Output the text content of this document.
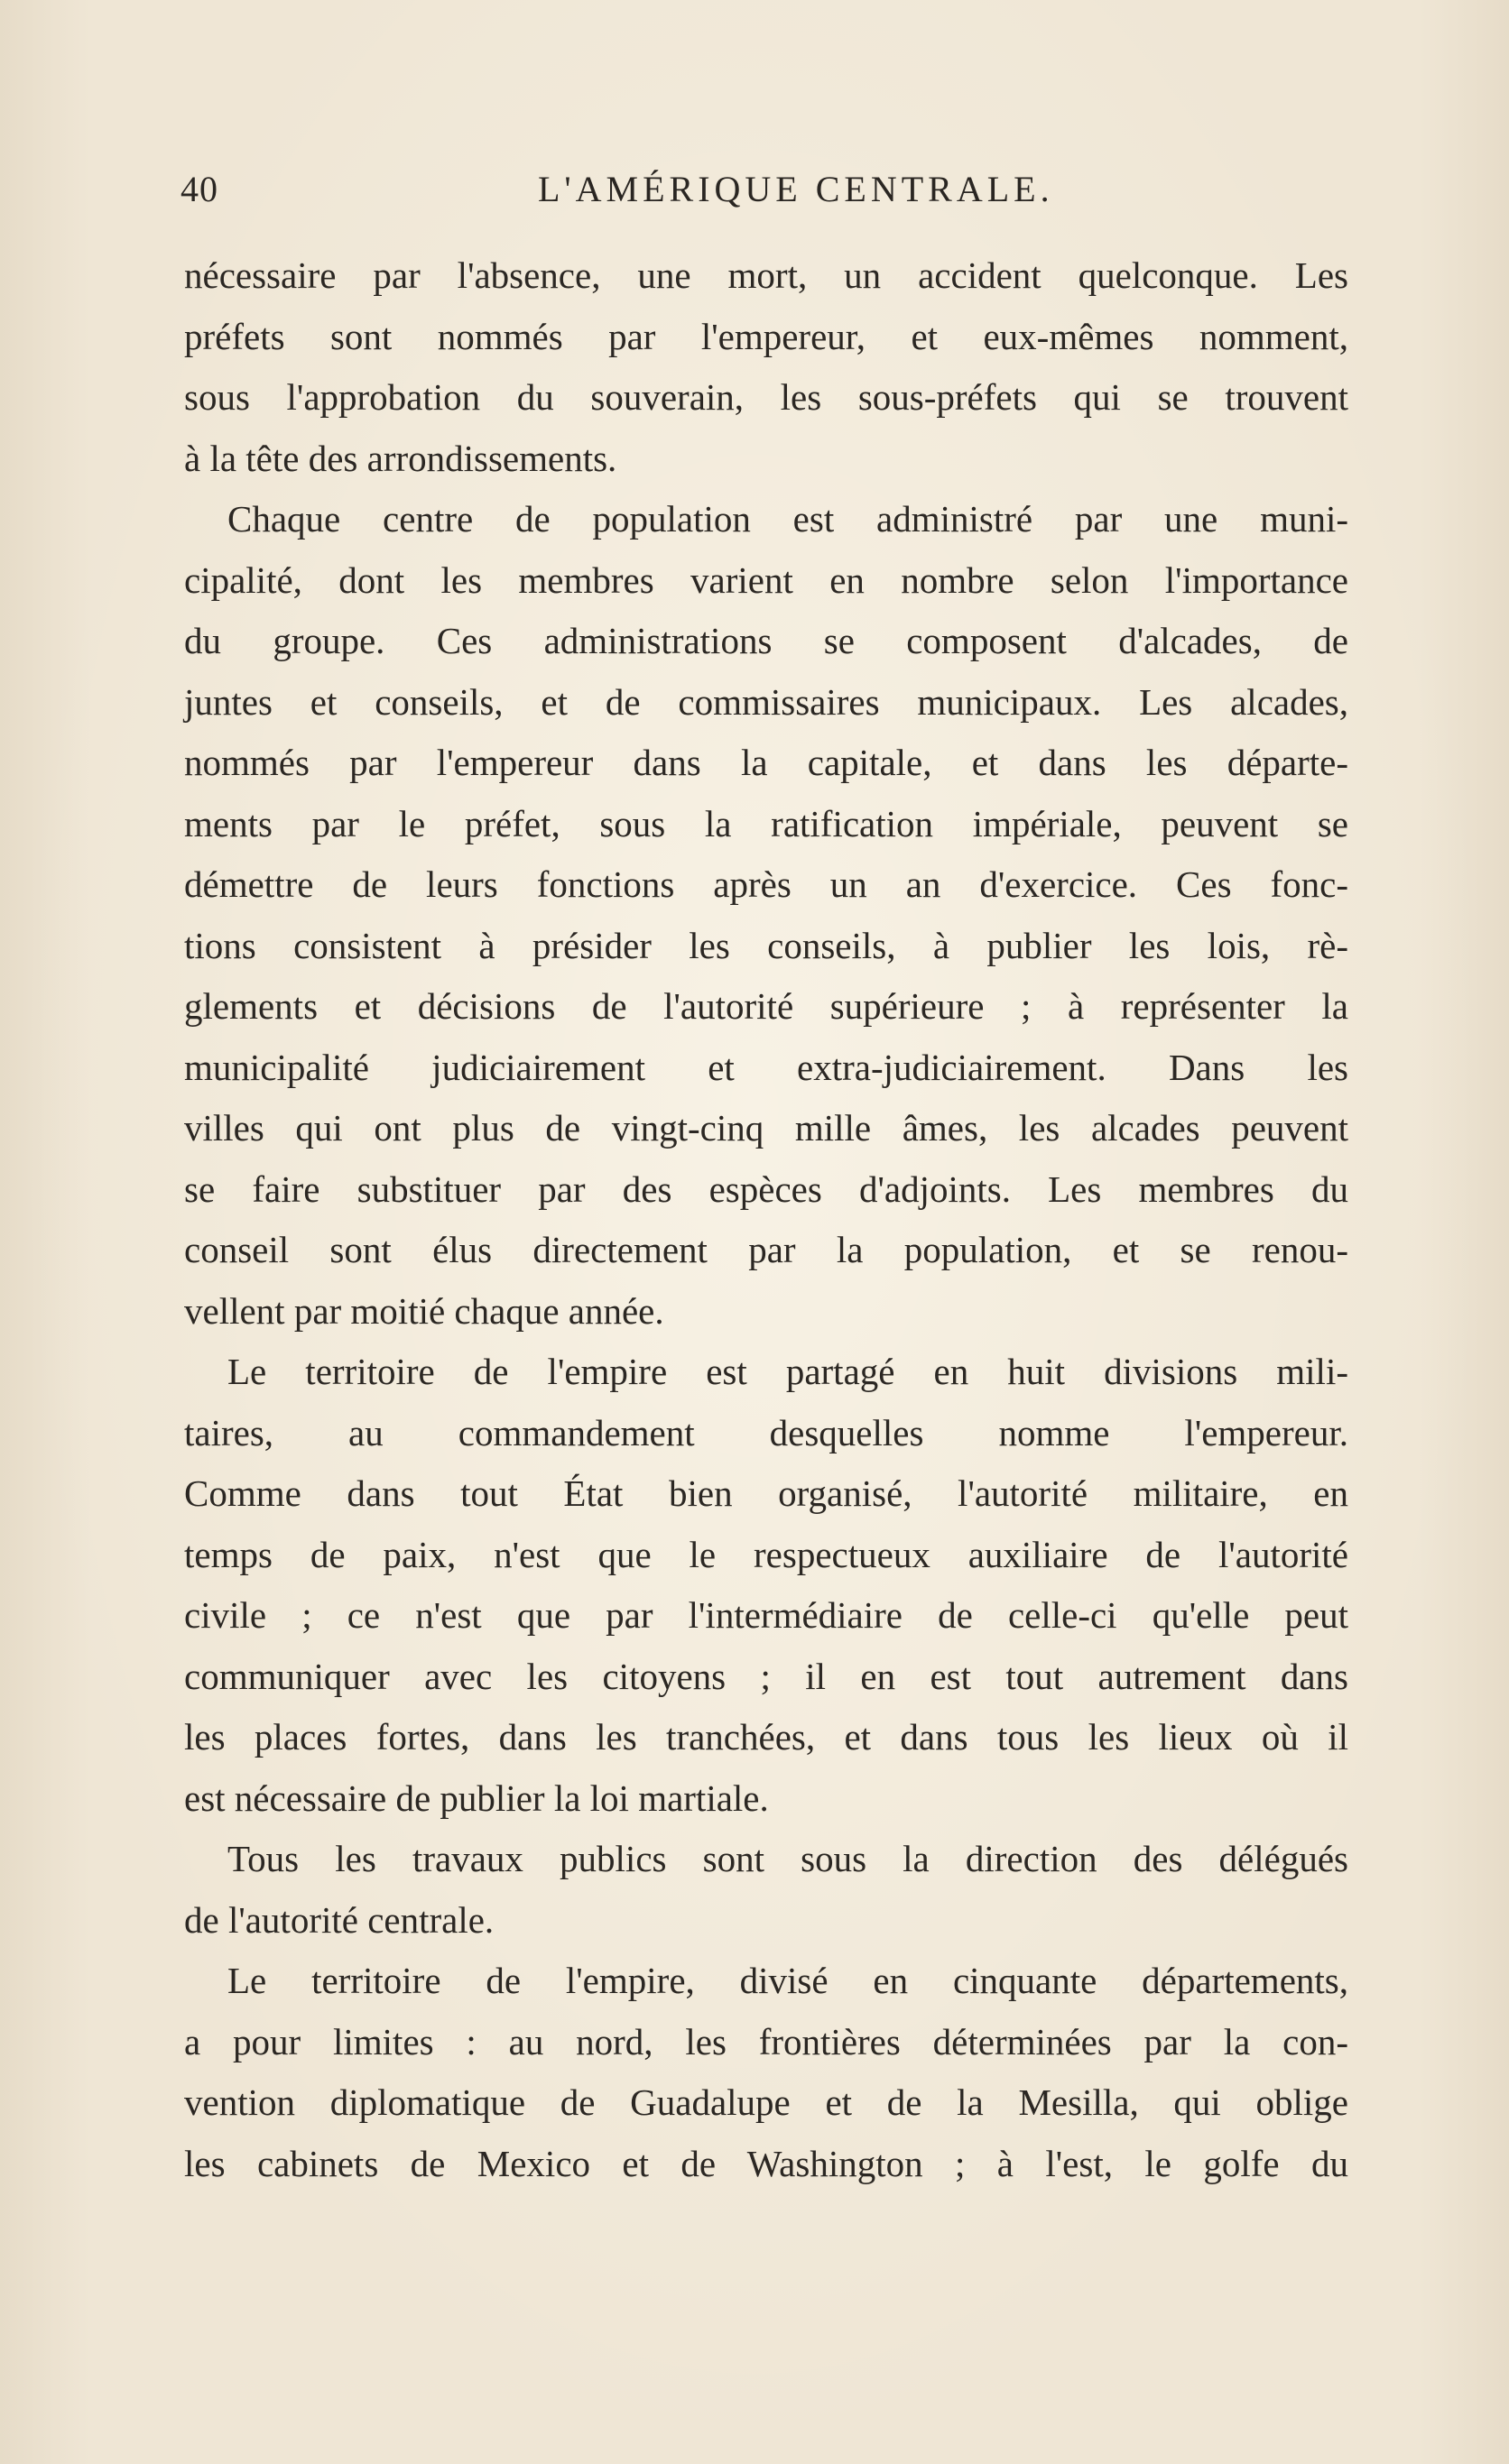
40	L'AMÉRIQUE CENTRALE.
nécessaire par l'absence, une mort, un accident quelconque. Les
préfets sont nommés par l'empereur, et eux-mêmes nomment,
sous l'approbation du souverain, les sous-préfets qui se trouvent
à la tête des arrondissements.
Chaque centre de population est administré par une muni-
cipalité, dont les membres varient en nombre selon l'importance
du groupe. Ces administrations se composent d'alcades, de
juntes et conseils, et de commissaires municipaux. Les alcades,
nommés par l'empereur dans la capitale, et dans les départe-
ments par le préfet, sous la ratification impériale, peuvent se
démettre de leurs fonctions après un an d'exercice. Ces fonc-
tions consistent à présider les conseils, à publier les lois, rè-
glements et décisions de l'autorité supérieure ; à représenter la
municipalité judiciairement et extra-judiciairement. Dans les
villes qui ont plus de vingt-cinq mille âmes, les alcades peuvent
se faire substituer par des espèces d'adjoints. Les membres du
conseil sont élus directement par la population, et se renou-
vellent par moitié chaque année.
Le territoire de l'empire est partagé en huit divisions mili-
taires, au commandement desquelles nomme l'empereur.
Comme dans tout État bien organisé, l'autorité militaire, en
temps de paix, n'est que le respectueux auxiliaire de l'autorité
civile ; ce n'est que par l'intermédiaire de celle-ci qu'elle peut
communiquer avec les citoyens ; il en est tout autrement dans
les places fortes, dans les tranchées, et dans tous les lieux où il
est nécessaire de publier la loi martiale.
Tous les travaux publics sont sous la direction des délégués
de l'autorité centrale.
Le territoire de l'empire, divisé en cinquante départements,
a pour limites : au nord, les frontières déterminées par la con-
vention diplomatique de Guadalupe et de la Mesilla, qui oblige
les cabinets de Mexico et de Washington ; à l'est, le golfe du
